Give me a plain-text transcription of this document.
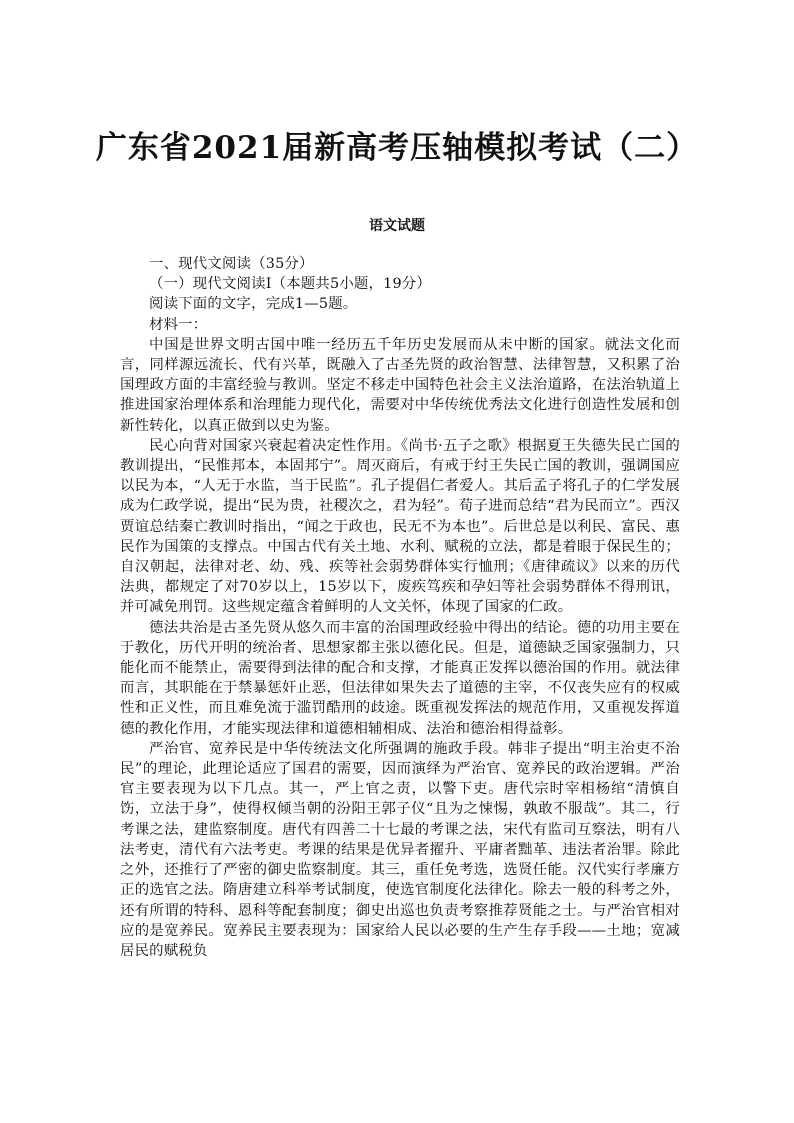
广东省2021届新高考压轴模拟考试（二）
语文试题

一、现代文阅读（35分）

（一）现代文阅读Ⅰ（本题共5小题，19分）

阅读下面的文字，完成1—5题。

材料一：

中国是世界文明古国中唯一经历五千年历史发展而从未中断的国家。就法文化而言，同样源远流长、代有兴革，既融入了古圣先贤的政治智慧、法律智慧，又积累了治国理政方面的丰富经验与教训。坚定不移走中国特色社会主义法治道路，在法治轨道上推进国家治理体系和治理能力现代化，需要对中华传统优秀法文化进行创造性发展和创新性转化，以真正做到以史为鉴。

民心向背对国家兴衰起着决定性作用。《尚书·五子之歌》根据夏王失德失民亡国的教训提出，“民惟邦本，本固邦宁”。周灭商后，有戒于纣王失民亡国的教训，强调国应以民为本，“人无于水监，当于民监”。孔子提倡仁者爱人。其后孟子将孔子的仁学发展成为仁政学说，提出“民为贵，社稷次之，君为轻”。荀子进而总结“君为民而立”。西汉贾谊总结秦亡教训时指出，“闻之于政也，民无不为本也”。后世总是以利民、富民、惠民作为国策的支撑点。中国古代有关土地、水利、赋税的立法，都是着眼于保民生的；自汉朝起，法律对老、幼、残、疾等社会弱势群体实行恤刑；《唐律疏议》以来的历代法典，都规定了对70岁以上，15岁以下，废疾笃疾和孕妇等社会弱势群体不得刑讯，并可减免刑罚。这些规定蕴含着鲜明的人文关怀，体现了国家的仁政。

德法共治是古圣先贤从悠久而丰富的治国理政经验中得出的结论。德的功用主要在于教化，历代开明的统治者、思想家都主张以德化民。但是，道德缺乏国家强制力，只能化而不能禁止，需要得到法律的配合和支撑，才能真正发挥以德治国的作用。就法律而言，其职能在于禁暴惩奸止恶，但法律如果失去了道德的主宰，不仅丧失应有的权威性和正义性，而且难免流于滥罚酷刑的歧途。既重视发挥法的规范作用，又重视发挥道德的教化作用，才能实现法律和道德相辅相成、法治和德治相得益彰。

严治官、宽养民是中华传统法文化所强调的施政手段。韩非子提出“明主治吏不治民”的理论，此理论适应了国君的需要，因而演绎为严治官、宽养民的政治逻辑。严治官主要表现为以下几点。其一，严上官之责，以警下吏。唐代宗时宰相杨绾“清慎自饬，立法于身”，使得权倾当朝的汾阳王郭子仪“且为之悚惕，孰敢不服哉”。其二，行考课之法，建监察制度。唐代有四善二十七最的考课之法，宋代有监司互察法，明有八法考吏，清代有六法考吏。考课的结果是优异者擢升、平庸者黜革、违法者治罪。除此之外，还推行了严密的御史监察制度。其三，重任免考选，选贤任能。汉代实行孝廉方正的选官之法。隋唐建立科举考试制度，使选官制度化法律化。除去一般的科考之外，还有所谓的特科、恩科等配套制度；御史出巡也负责考察推荐贤能之士。与严治官相对应的是宽养民。宽养民主要表现为：国家给人民以必要的生产生存手段——土地；宽减居民的赋税负
